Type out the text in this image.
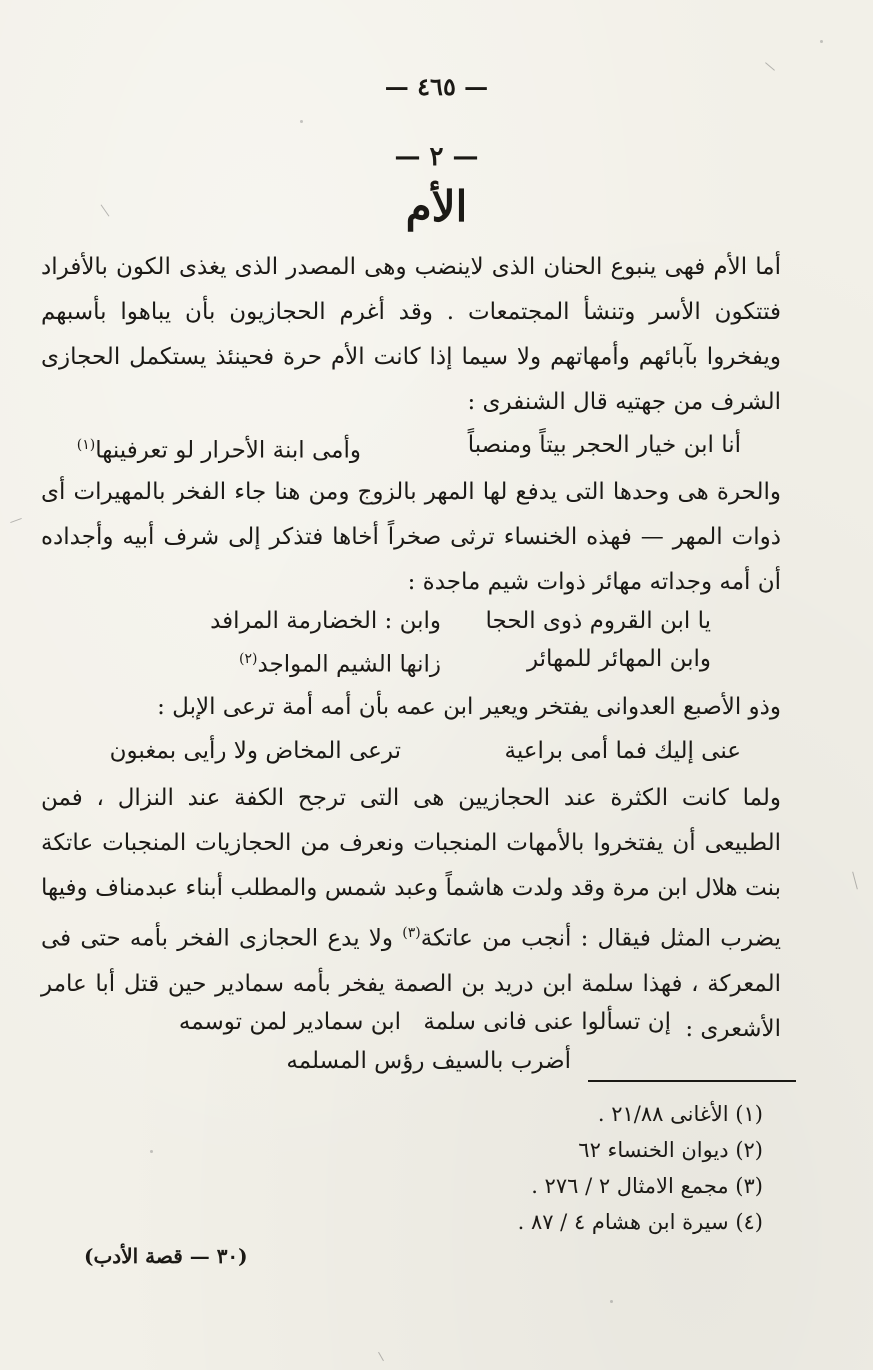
— ٤٦٥ —
— ٢ —
الأم
أما الأم فهى ينبوع الحنان الذى لاينضب وهى المصدر الذى يغذى الكون بالأفراد فتتكون الأسر وتنشأ المجتمعات . وقد أغرم الحجازيون بأن يباهوا بأسبهم ويفخروا بآبائهم وأمهاتهم ولا سيما إذا كانت الأم حرة فحينئذ يستكمل الحجازى الشرف من جهتيه قال الشنفرى :
أنا ابن خيار الحجر بيتاً ومنصباً
وأمى ابنة الأحرار لو تعرفينها$^{(١)}$
والحرة هى وحدها التى يدفع لها المهر بالزوج ومن هنا جاء الفخر بالمهيرات أى ذوات المهر — فهذه الخنساء ترثى صخراً أخاها فتذكر إلى شرف أبيه وأجداده أن أمه وجداته مهائر ذوات شيم ماجدة :
يا ابن القروم ذوى الحجا
وابن : الخضارمة المرافد
وابن المهائر للمهائر
زانها الشيم المواجد$^{(٢)}$
وذو الأصبع العدوانى يفتخر ويعير ابن عمه بأن أمه أمة ترعى الإبل :
عنى إليك فما أمى براعية
ترعى المخاض ولا رأيى بمغبون
ولما كانت الكثرة عند الحجازيين هى التى ترجح الكفة عند النزال ، فمن الطبيعى أن يفتخروا بالأمهات المنجبات ونعرف من الحجازيات المنجبات عاتكة بنت هلال ابن مرة وقد ولدت هاشماً وعبد شمس والمطلب أبناء عبدمناف وفيها يضرب المثل فيقال : أنجب من عاتكة$^{(٣)}$ ولا يدع الحجازى الفخر بأمه حتى فى المعركة ، فهذا سلمة ابن دريد بن الصمة يفخر بأمه سمادير حين قتل أبا عامر الأشعرى :
إن تسألوا عنى فانى سلمة
ابن سمادير لمن توسمه
أضرب بالسيف رؤس المسلمه
(١) الأغانى ٢١/٨٨ .
(٢) ديوان الخنساء ٦٢
(٣) مجمع الامثال ٢ / ٢٧٦ .
(٤) سيرة ابن هشام ٤ / ٨٧ .
(٣٠ — قصة الأدب)
